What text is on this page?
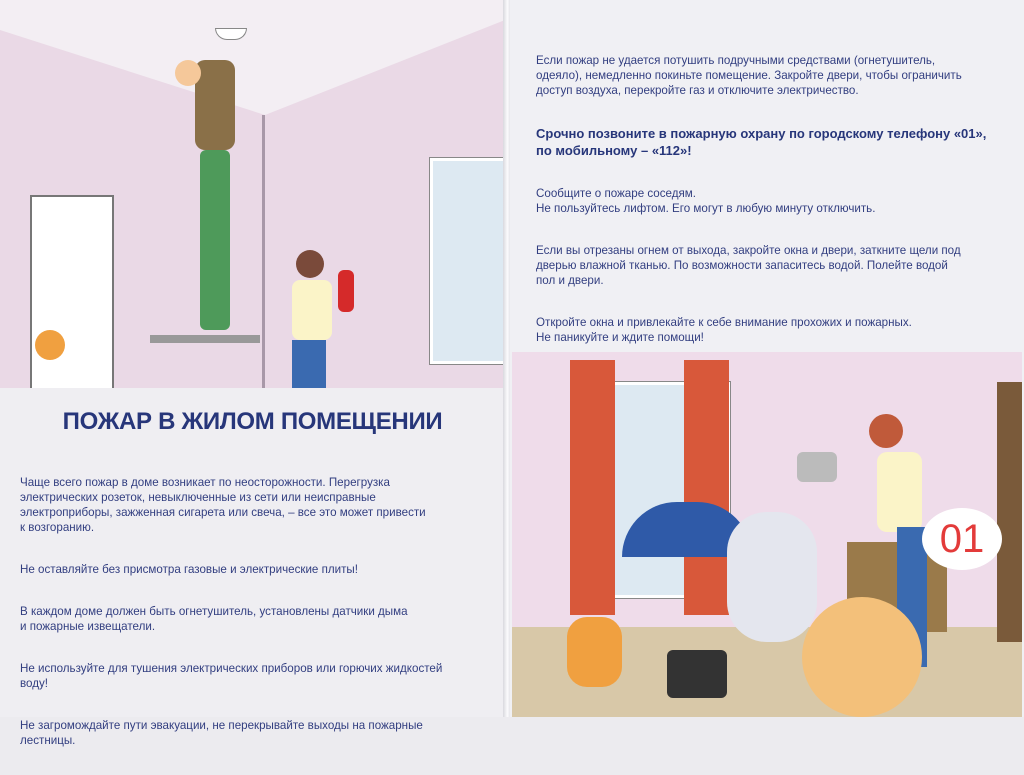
ПОЖАР В ЖИЛОМ ПОМЕЩЕНИИ

Чаще всего пожар в доме возникает по неосторожности. Перегрузка
электрических розеток, невыключенные из сети или неисправные
электроприборы, зажженная сигарета или свеча, – все это может привести
к возгоранию.

Не оставляйте без присмотра газовые и электрические плиты!

В каждом доме должен быть огнетушитель, установлены датчики дыма
и пожарные извещатели.

Не используйте для тушения электрических приборов или горючих жидкостей
воду!

Не загромождайте пути эвакуации, не перекрывайте выходы на пожарные
лестницы.

Если пожар не удается потушить подручными средствами (огнетушитель,
одеяло), немедленно покиньте помещение. Закройте двери, чтобы ограничить
доступ воздуха, перекройте газ и отключите электричество.

Срочно позвоните в пожарную охрану по городскому телефону «01»,
по мобильному – «112»!

Сообщите о пожаре соседям.
Не пользуйтесь лифтом. Его могут в любую минуту отключить.

Если вы отрезаны огнем от выхода, закройте окна и двери, заткните щели под
дверью влажной тканью. По возможности запаситесь водой. Полейте водой
пол и двери.

Откройте окна и привлекайте к себе внимание прохожих и пожарных.
Не паникуйте и ждите помощи!

01
